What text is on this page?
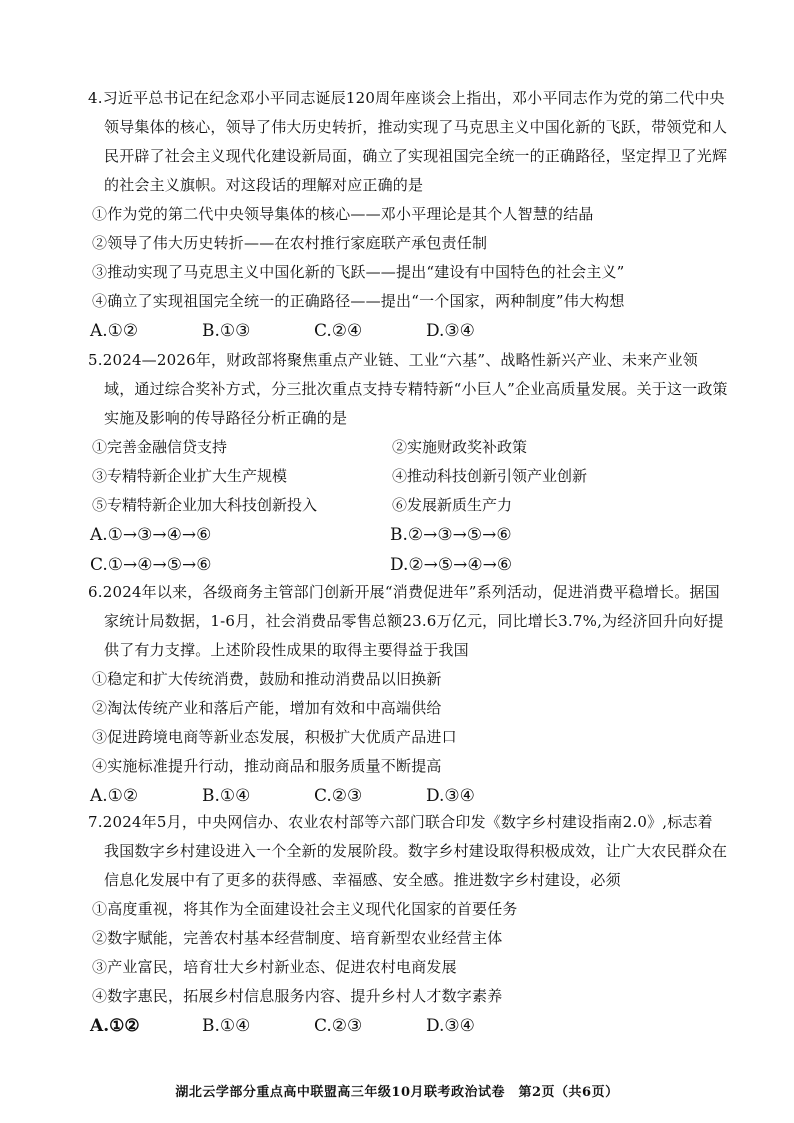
4.习近平总书记在纪念邓小平同志诞辰120周年座谈会上指出，邓小平同志作为党的第二代中央领导集体的核心，领导了伟大历史转折，推动实现了马克思主义中国化新的飞跃，带领党和人民开辟了社会主义现代化建设新局面，确立了实现祖国完全统一的正确路径，坚定捍卫了光辉的社会主义旗帜。对这段话的理解对应正确的是
①作为党的第二代中央领导集体的核心——邓小平理论是其个人智慧的结晶
②领导了伟大历史转折——在农村推行家庭联产承包责任制
③推动实现了马克思主义中国化新的飞跃——提出“建设有中国特色的社会主义”
④确立了实现祖国完全统一的正确路径——提出“一个国家，两种制度”伟大构想
A.①②	B.①③	C.②④	D.③④
5.2024—2026年，财政部将聚焦重点产业链、工业“六基”、战略性新兴产业、未来产业领域，通过综合奖补方式，分三批次重点支持专精特新“小巨人”企业高质量发展。关于这一政策实施及影响的传导路径分析正确的是
①完善金融信贷支持	②实施财政奖补政策
③专精特新企业扩大生产规模	④推动科技创新引领产业创新
⑤专精特新企业加大科技创新投入	⑥发展新质生产力
A.①→③→④→⑥	B.②→③→⑤→⑥
C.①→④→⑤→⑥	D.②→⑤→④→⑥
6.2024年以来，各级商务主管部门创新开展“消费促进年”系列活动，促进消费平稳增长。据国家统计局数据，1-6月，社会消费品零售总额23.6万亿元，同比增长3.7%,为经济回升向好提供了有力支撑。上述阶段性成果的取得主要得益于我国
①稳定和扩大传统消费，鼓励和推动消费品以旧换新
②淘汰传统产业和落后产能，增加有效和中高端供给
③促进跨境电商等新业态发展，积极扩大优质产品进口
④实施标准提升行动，推动商品和服务质量不断提高
A.①②	B.①④	C.②③	D.③④
7.2024年5月，中央网信办、农业农村部等六部门联合印发《数字乡村建设指南2.0》,标志着我国数字乡村建设进入一个全新的发展阶段。数字乡村建设取得积极成效，让广大农民群众在信息化发展中有了更多的获得感、幸福感、安全感。推进数字乡村建设，必须
①高度重视，将其作为全面建设社会主义现代化国家的首要任务
②数字赋能，完善农村基本经营制度、培育新型农业经营主体
③产业富民，培育壮大乡村新业态、促进农村电商发展
④数字惠民，拓展乡村信息服务内容、提升乡村人才数字素养
A.①②	B.①④	C.②③	D.③④
湖北云学部分重点高中联盟高三年级10月联考政治试卷　第2页（共6页）
